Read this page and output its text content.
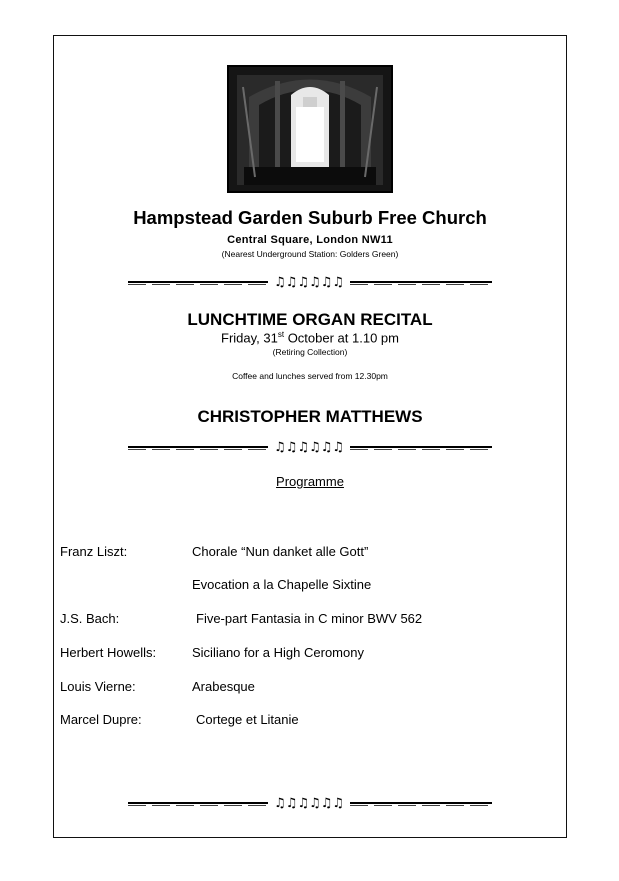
Hampstead Garden Suburb Free Church
Central Square, London NW11
(Nearest Underground Station: Golders Green)
♫♫♫♫♫♫
LUNCHTIME ORGAN RECITAL
Friday, 31st October at 1.10 pm
(Retiring Collection)
Coffee and lunches served from 12.30pm
CHRISTOPHER MATTHEWS
♫♫♫♫♫♫
Programme
Franz Liszt:	Chorale “Nun danket alle Gott”
Evocation a la Chapelle Sixtine
J.S. Bach:	Five-part Fantasia in C minor BWV 562
Herbert Howells:	Siciliano for a High Ceromony
Louis Vierne:	Arabesque
Marcel Dupre:	Cortege et Litanie
♫♫♫♫♫♫
